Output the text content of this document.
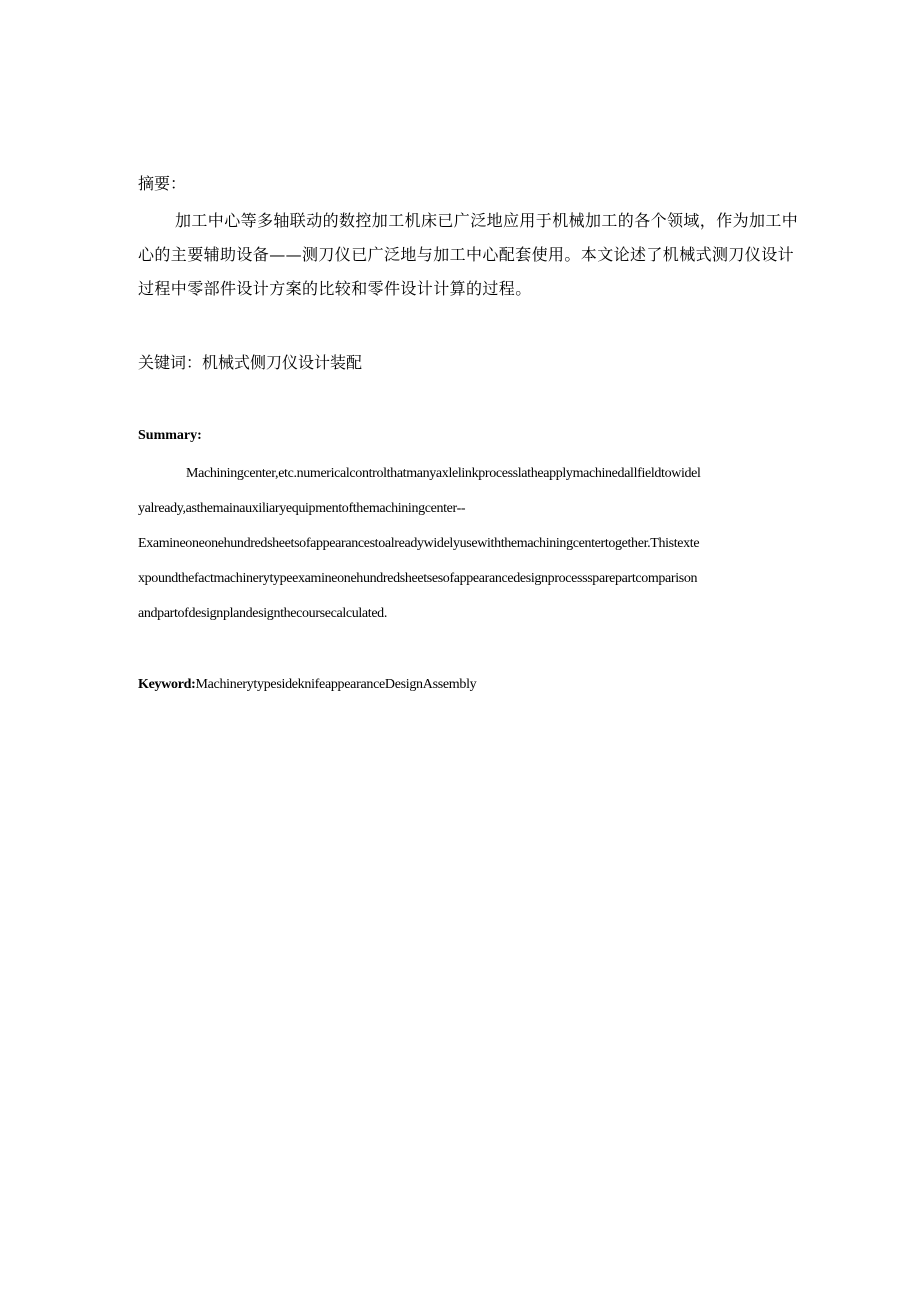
摘要：
加工中心等多轴联动的数控加工机床已广泛地应用于机械加工的各个领域，作为加工中心的主要辅助设备——测刀仪已广泛地与加工中心配套使用。本文论述了机械式测刀仪设计过程中零部件设计方案的比较和零件设计计算的过程。
关键词：机械式侧刀仪设计装配
Summary:
Machiningcenter,etc.numericalcontrolthatmanyaxlelinkprocesslatheapplymachinedallfieldtowidel
yalready,asthemainauxiliaryequipmentofthemachiningcenter--
Examineoneonehundredsheetsofappearancestoalreadywidelyusewiththemachiningcentertogether.Thistexte
xpoundthefactmachinerytypeexamineonehundredsheetsesofappearancedesignprocesssparepartcomparison
andpartofdesignplandesignthecoursecalculated.
Keyword:MachinerytypesideknifeappearanceDesignAssembly
